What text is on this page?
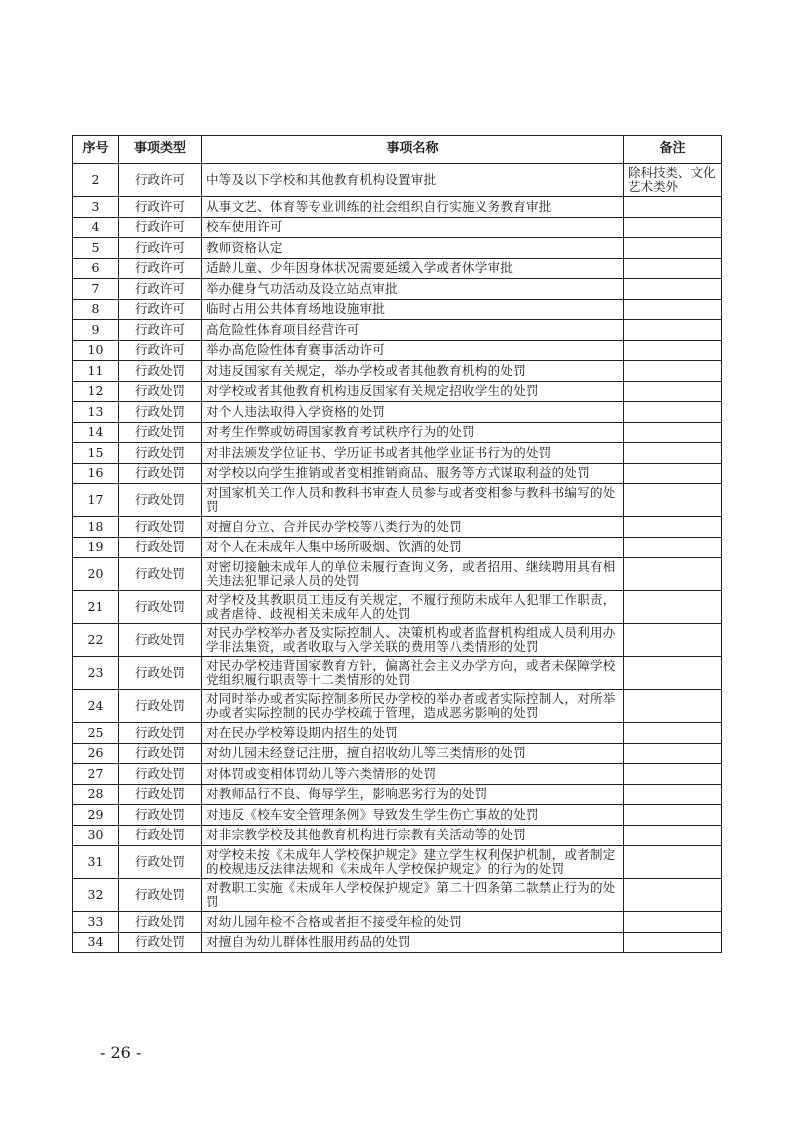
序号	事项类型	事项名称	备注
2	行政许可	中等及以下学校和其他教育机构设置审批	除科技类、文化艺术类外
3	行政许可	从事文艺、体育等专业训练的社会组织自行实施义务教育审批	
4	行政许可	校车使用许可	
5	行政许可	教师资格认定	
6	行政许可	适龄儿童、少年因身体状况需要延缓入学或者休学审批	
7	行政许可	举办健身气功活动及设立站点审批	
8	行政许可	临时占用公共体育场地设施审批	
9	行政许可	高危险性体育项目经营许可	
10	行政许可	举办高危险性体育赛事活动许可	
11	行政处罚	对违反国家有关规定，举办学校或者其他教育机构的处罚	
12	行政处罚	对学校或者其他教育机构违反国家有关规定招收学生的处罚	
13	行政处罚	对个人违法取得入学资格的处罚	
14	行政处罚	对考生作弊或妨碍国家教育考试秩序行为的处罚	
15	行政处罚	对非法颁发学位证书、学历证书或者其他学业证书行为的处罚	
16	行政处罚	对学校以向学生推销或者变相推销商品、服务等方式谋取利益的处罚	
17	行政处罚	对国家机关工作人员和教科书审查人员参与或者变相参与教科书编写的处罚	
18	行政处罚	对擅自分立、合并民办学校等八类行为的处罚	
19	行政处罚	对个人在未成年人集中场所吸烟、饮酒的处罚	
20	行政处罚	对密切接触未成年人的单位未履行查询义务，或者招用、继续聘用具有相关违法犯罪记录人员的处罚	
21	行政处罚	对学校及其教职员工违反有关规定，不履行预防未成年人犯罪工作职责，或者虐待、歧视相关未成年人的处罚	
22	行政处罚	对民办学校举办者及实际控制人、决策机构或者监督机构组成人员利用办学非法集资，或者收取与入学关联的费用等八类情形的处罚	
23	行政处罚	对民办学校违背国家教育方针，偏离社会主义办学方向，或者未保障学校党组织履行职责等十二类情形的处罚	
24	行政处罚	对同时举办或者实际控制多所民办学校的举办者或者实际控制人，对所举办或者实际控制的民办学校疏于管理，造成恶劣影响的处罚	
25	行政处罚	对在民办学校筹设期内招生的处罚	
26	行政处罚	对幼儿园未经登记注册，擅自招收幼儿等三类情形的处罚	
27	行政处罚	对体罚或变相体罚幼儿等六类情形的处罚	
28	行政处罚	对教师品行不良、侮辱学生，影响恶劣行为的处罚	
29	行政处罚	对违反《校车安全管理条例》导致发生学生伤亡事故的处罚	
30	行政处罚	对非宗教学校及其他教育机构进行宗教有关活动等的处罚	
31	行政处罚	对学校未按《未成年人学校保护规定》建立学生权利保护机制，或者制定的校规违反法律法规和《未成年人学校保护规定》的行为的处罚	
32	行政处罚	对教职工实施《未成年人学校保护规定》第二十四条第二款禁止行为的处罚	
33	行政处罚	对幼儿园年检不合格或者拒不接受年检的处罚	
34	行政处罚	对擅自为幼儿群体性服用药品的处罚	
- 26 -
